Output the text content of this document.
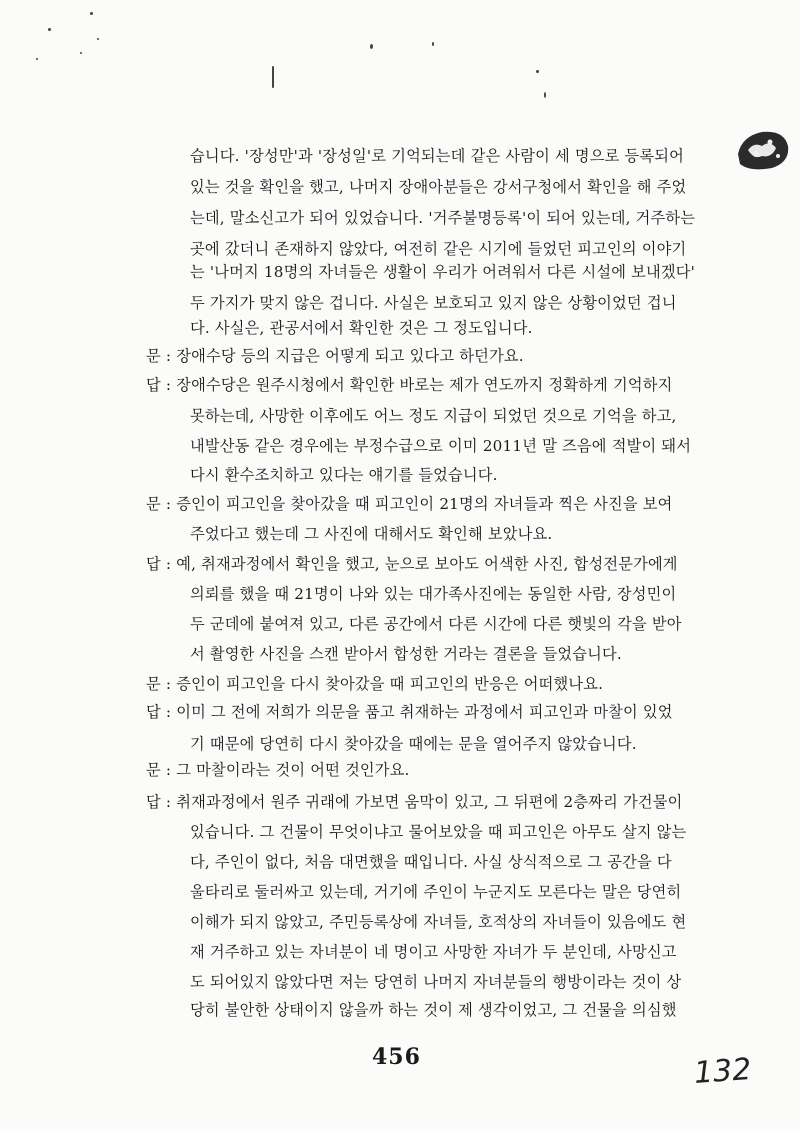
습니다. '장성만'과 '장성일'로 기억되는데 같은 사람이 세 명으로 등록되어
있는 것을 확인을 했고, 나머지 장애아분들은 강서구청에서 확인을 해 주었
는데, 말소신고가 되어 있었습니다. '거주불명등록'이 되어 있는데, 거주하는
곳에 갔더니 존재하지 않았다, 여전히 같은 시기에 들었던 피고인의 이야기
는 '나머지 18명의 자녀들은 생활이 우리가 어려워서 다른 시설에 보내겠다'
두 가지가 맞지 않은 겁니다. 사실은 보호되고 있지 않은 상황이었던 겁니
다. 사실은, 관공서에서 확인한 것은 그 정도입니다.
문 : 장애수당 등의 지급은 어떻게 되고 있다고 하던가요.
답 : 장애수당은 원주시청에서 확인한 바로는 제가 연도까지 정확하게 기억하지
못하는데, 사망한 이후에도 어느 정도 지급이 되었던 것으로 기억을 하고,
내발산동 같은 경우에는 부정수급으로 이미 2011년 말 즈음에 적발이 돼서
다시 환수조치하고 있다는 얘기를 들었습니다.
문 : 증인이 피고인을 찾아갔을 때 피고인이 21명의 자녀들과 찍은 사진을 보여
주었다고 했는데 그 사진에 대해서도 확인해 보았나요.
답 : 예, 취재과정에서 확인을 했고, 눈으로 보아도 어색한 사진, 합성전문가에게
의뢰를 했을 때 21명이 나와 있는 대가족사진에는 동일한 사람, 장성민이
두 군데에 붙여져 있고, 다른 공간에서 다른 시간에 다른 햇빛의 각을 받아
서 촬영한 사진을 스캔 받아서 합성한 거라는 결론을 들었습니다.
문 : 증인이 피고인을 다시 찾아갔을 때 피고인의 반응은 어떠했나요.
답 : 이미 그 전에 저희가 의문을 품고 취재하는 과정에서 피고인과 마찰이 있었
기 때문에 당연히 다시 찾아갔을 때에는 문을 열어주지 않았습니다.
문 : 그 마찰이라는 것이 어떤 것인가요.
답 : 취재과정에서 원주 귀래에 가보면 움막이 있고, 그 뒤편에 2층짜리 가건물이
있습니다. 그 건물이 무엇이냐고 물어보았을 때 피고인은 아무도 살지 않는
다, 주인이 없다, 처음 대면했을 때입니다. 사실 상식적으로 그 공간을 다
울타리로 둘러싸고 있는데, 거기에 주인이 누군지도 모른다는 말은 당연히
이해가 되지 않았고, 주민등록상에 자녀들, 호적상의 자녀들이 있음에도 현
재 거주하고 있는 자녀분이 네 명이고 사망한 자녀가 두 분인데, 사망신고
도 되어있지 않았다면 저는 당연히 나머지 자녀분들의 행방이라는 것이 상
당히 불안한 상태이지 않을까 하는 것이 제 생각이었고, 그 건물을 의심했
456	132
